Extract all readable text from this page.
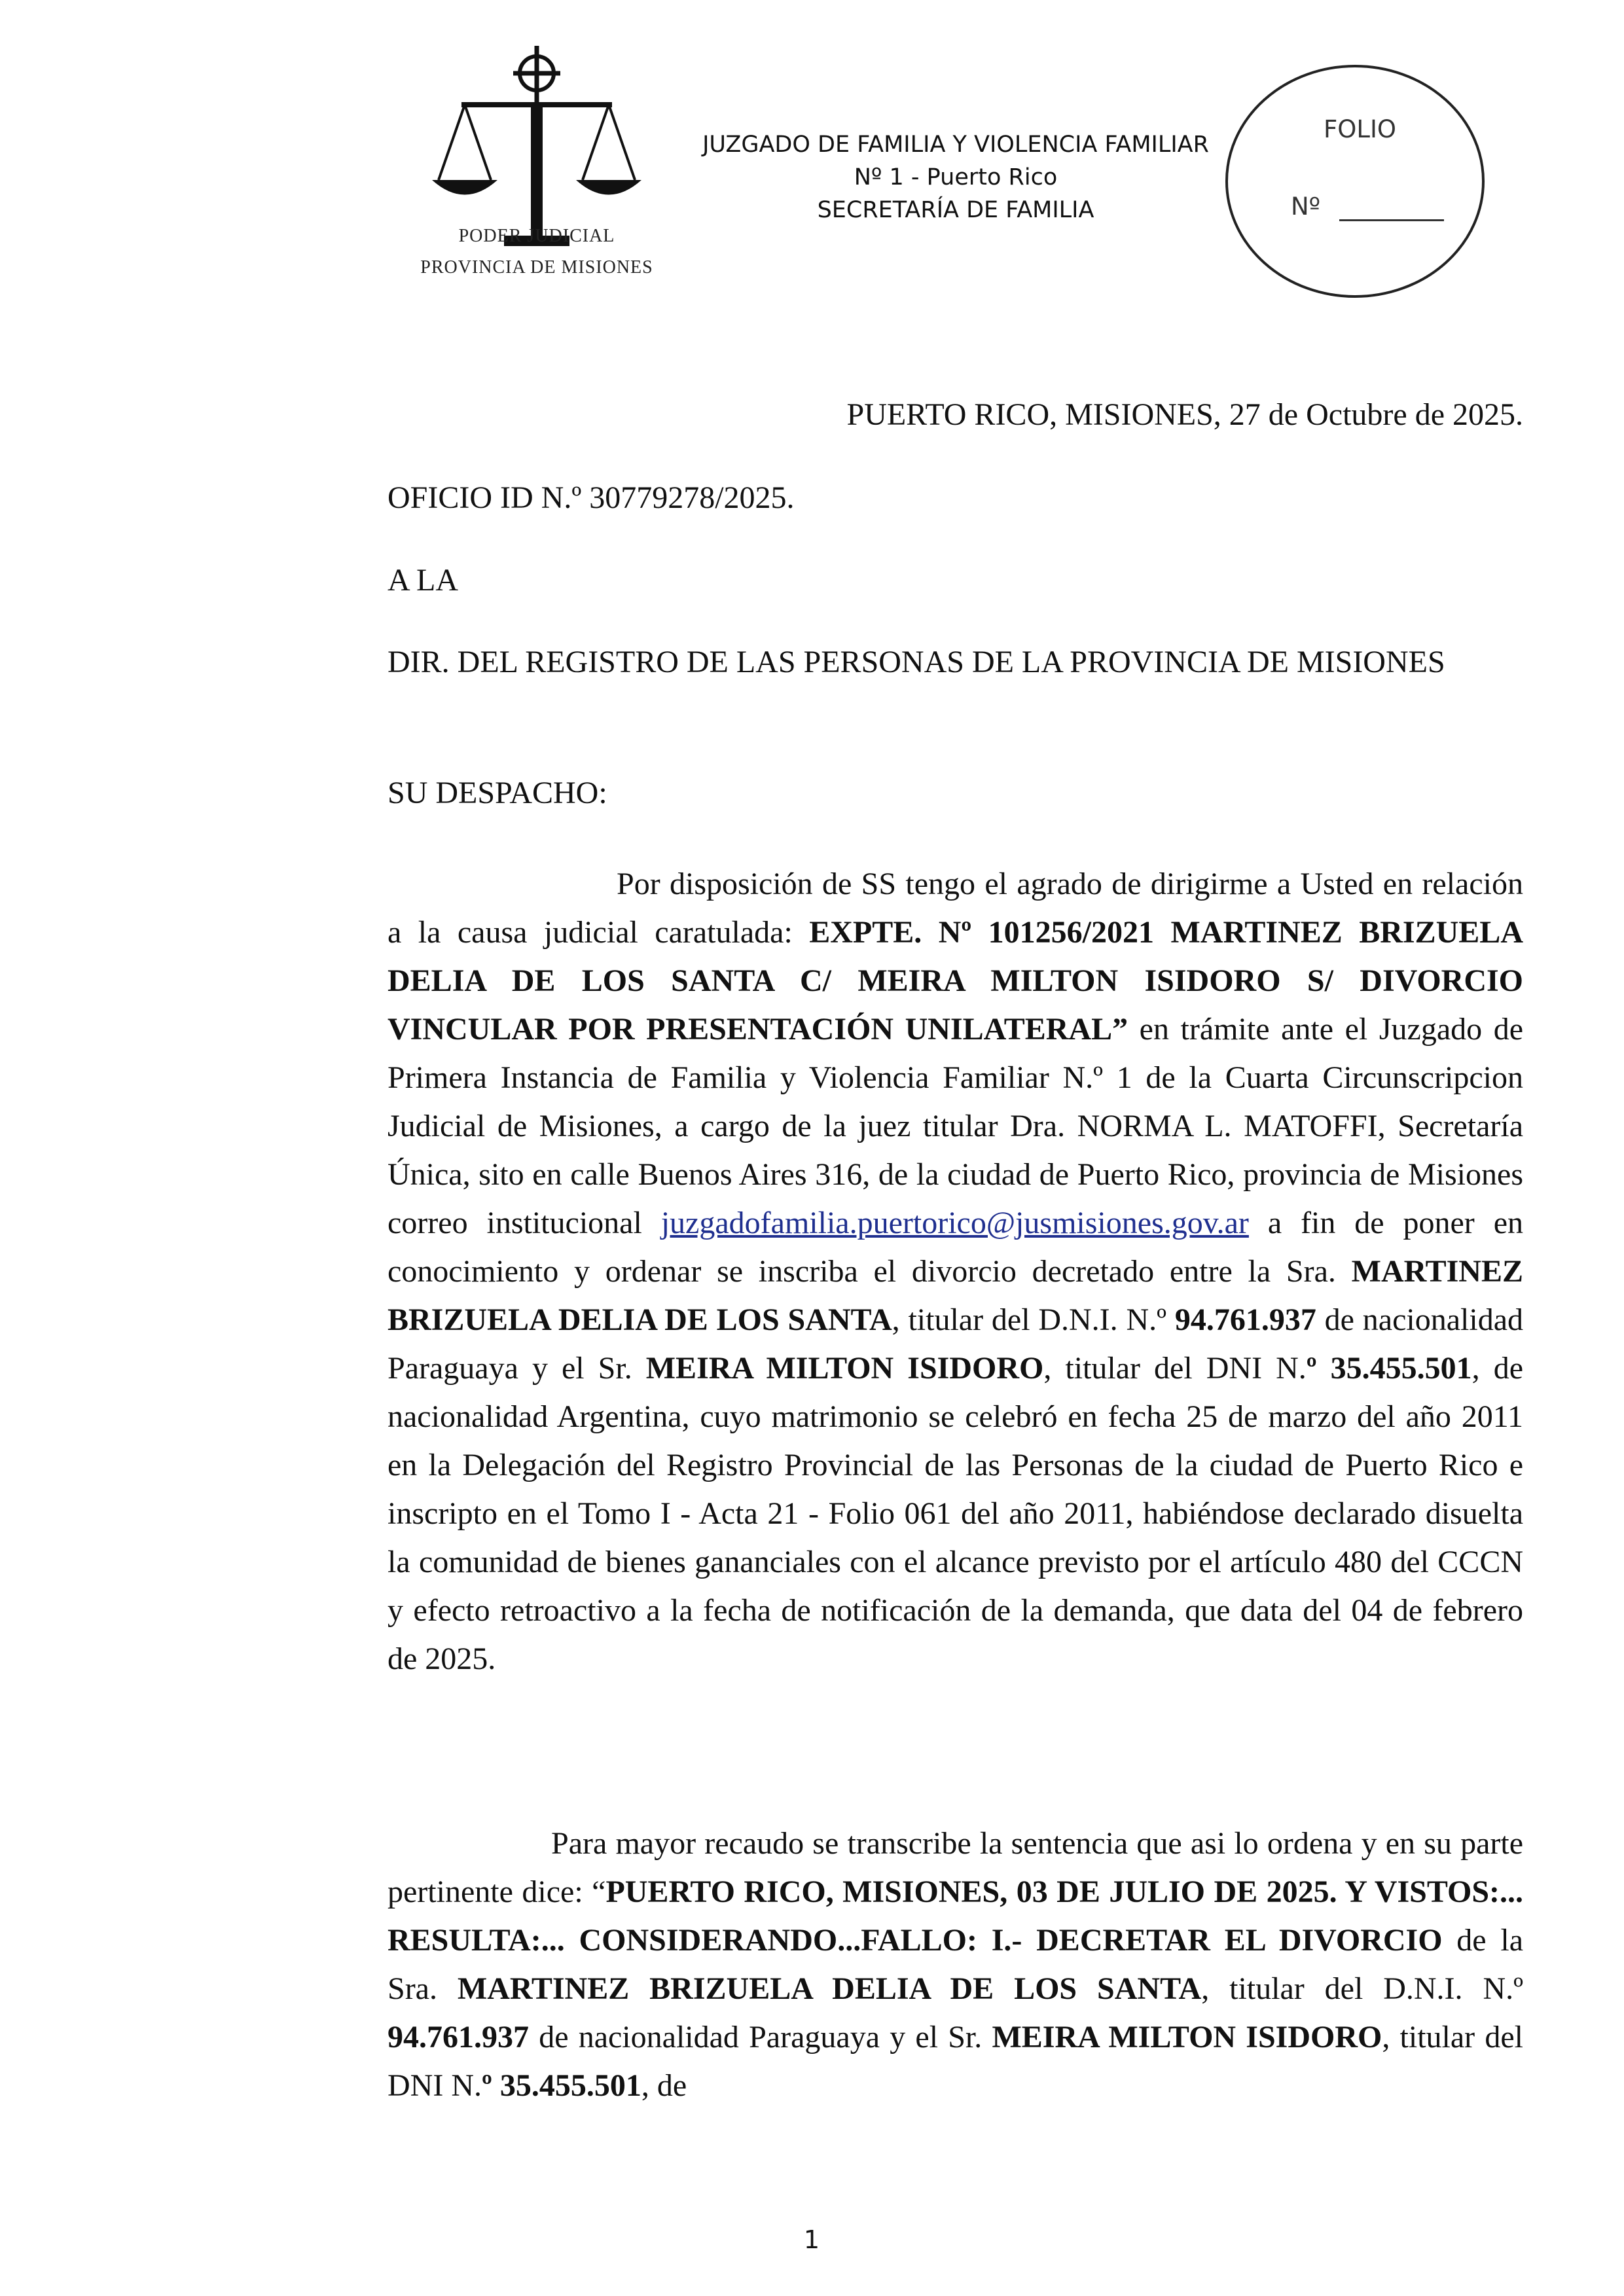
PODER JUDICIAL
PROVINCIA DE MISIONES
JUZGADO DE FAMILIA Y VIOLENCIA FAMILIAR
Nº 1 - Puerto Rico
SECRETARÍA DE FAMILIA
FOLIO
Nº
PUERTO RICO, MISIONES, 27 de Octubre de 2025.
OFICIO ID N.º 30779278/2025.
A LA
DIR. DEL REGISTRO DE LAS PERSONAS DE LA PROVINCIA DE MISIONES
SU DESPACHO:
Por disposición de SS tengo el agrado de dirigirme a Usted en relación a la causa judicial caratulada: EXPTE. Nº 101256/2021 MARTINEZ BRIZUELA DELIA DE LOS SANTA C/ MEIRA MILTON ISIDORO S/ DIVORCIO VINCULAR POR PRESENTACIÓN UNILATERAL” en trámite ante el Juzgado de Primera Instancia de Familia y Violencia Familiar N.º 1 de la Cuarta Circunscripcion Judicial de Misiones, a cargo de la juez titular Dra. NORMA L. MATOFFI, Secretaría Única, sito en calle Buenos Aires 316, de la ciudad de Puerto Rico, provincia de Misiones correo institucional juzgadofamilia.puertorico@jusmisiones.gov.ar a fin de poner en conocimiento y ordenar se inscriba el divorcio decretado entre la Sra. MARTINEZ BRIZUELA DELIA DE LOS SANTA, titular del D.N.I. N.º 94.761.937 de nacionalidad Paraguaya y el Sr. MEIRA MILTON ISIDORO, titular del DNI N.º 35.455.501, de nacionalidad Argentina, cuyo matrimonio se celebró en fecha 25 de marzo del año 2011 en la Delegación del Registro Provincial de las Personas de la ciudad de Puerto Rico e inscripto en el Tomo I - Acta 21 - Folio 061 del año 2011, habiéndose declarado disuelta la comunidad de bienes gananciales con el alcance previsto por el artículo 480 del CCCN y efecto retroactivo a la fecha de notificación de la demanda, que data del 04 de febrero de 2025.
Para mayor recaudo se transcribe la sentencia que asi lo ordena y en su parte pertinente dice: “PUERTO RICO, MISIONES, 03 DE JULIO DE 2025. Y VISTOS:... RESULTA:... CONSIDERANDO...FALLO: I.- DECRETAR EL DIVORCIO de la Sra. MARTINEZ BRIZUELA DELIA DE LOS SANTA, titular del D.N.I. N.º 94.761.937 de nacionalidad Paraguaya y el Sr. MEIRA MILTON ISIDORO, titular del DNI N.º 35.455.501, de
1
